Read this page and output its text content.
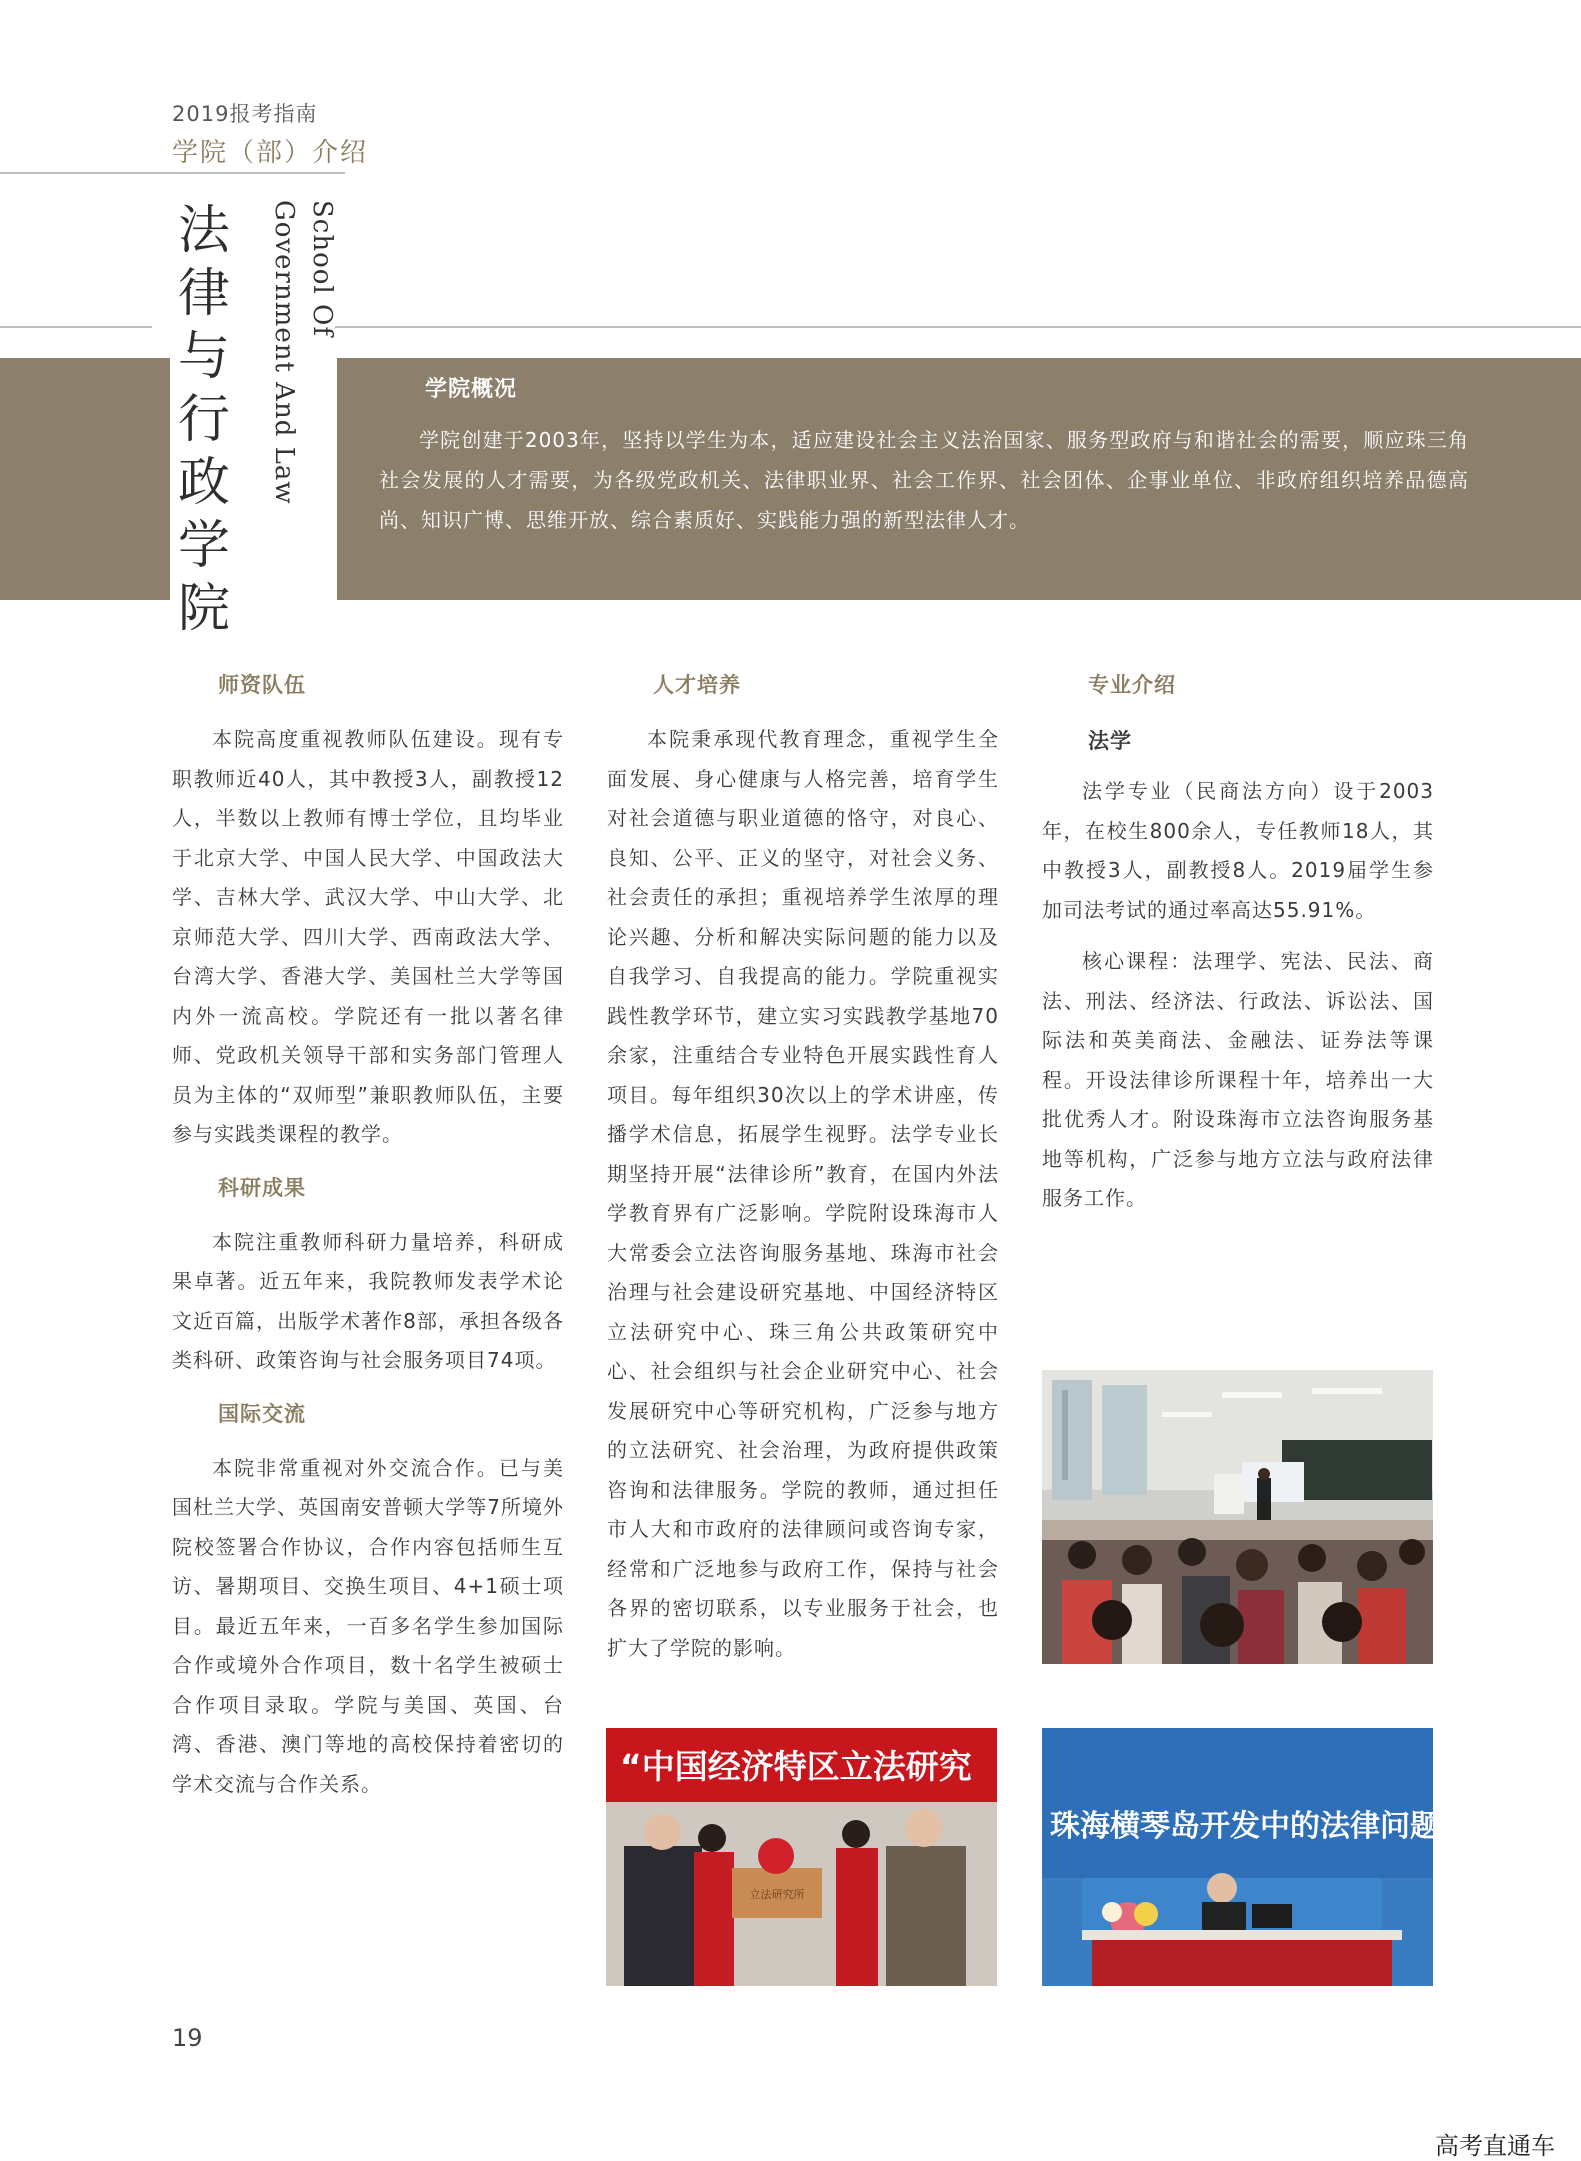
2019报考指南
学院（部）介绍
法律与行政学院
School Of
Government And Law	学院概况

学院创建于2003年，坚持以学生为本，适应建设社会主义法治国家、服务型政府与和谐社会的需要，顺应珠三角社会发展的人才需要，为各级党政机关、法律职业界、社会工作界、社会团体、企事业单位、非政府组织培养品德高尚、知识广博、思维开放、综合素质好、实践能力强的新型法律人才。

师资队伍

本院高度重视教师队伍建设。现有专职教师近40人，其中教授3人，副教授12人，半数以上教师有博士学位，且均毕业于北京大学、中国人民大学、中国政法大学、吉林大学、武汉大学、中山大学、北京师范大学、四川大学、西南政法大学、台湾大学、香港大学、美国杜兰大学等国内外一流高校。学院还有一批以著名律师、党政机关领导干部和实务部门管理人员为主体的“双师型”兼职教师队伍，主要参与实践类课程的教学。

科研成果

本院注重教师科研力量培养，科研成果卓著。近五年来，我院教师发表学术论文近百篇，出版学术著作8部，承担各级各类科研、政策咨询与社会服务项目74项。

国际交流

本院非常重视对外交流合作。已与美国杜兰大学、英国南安普顿大学等7所境外院校签署合作协议，合作内容包括师生互访、暑期项目、交换生项目、4+1硕士项目。最近五年来，一百多名学生参加国际合作或境外合作项目，数十名学生被硕士合作项目录取。学院与美国、英国、台湾、香港、澳门等地的高校保持着密切的学术交流与合作关系。

人才培养

本院秉承现代教育理念，重视学生全面发展、身心健康与人格完善，培育学生对社会道德与职业道德的恪守，对良心、良知、公平、正义的坚守，对社会义务、社会责任的承担；重视培养学生浓厚的理论兴趣、分析和解决实际问题的能力以及自我学习、自我提高的能力。学院重视实践性教学环节，建立实习实践教学基地70余家，注重结合专业特色开展实践性育人项目。每年组织30次以上的学术讲座，传播学术信息，拓展学生视野。法学专业长期坚持开展“法律诊所”教育，在国内外法学教育界有广泛影响。学院附设珠海市人大常委会立法咨询服务基地、珠海市社会治理与社会建设研究基地、中国经济特区立法研究中心、珠三角公共政策研究中心、社会组织与社会企业研究中心、社会发展研究中心等研究机构，广泛参与地方的立法研究、社会治理，为政府提供政策咨询和法律服务。学院的教师，通过担任市人大和市政府的法律顾问或咨询专家，经常和广泛地参与政府工作，保持与社会各界的密切联系，以专业服务于社会，也扩大了学院的影响。

专业介绍
法学

法学专业（民商法方向）设于2003年，在校生800余人，专任教师18人，其中教授3人，副教授8人。2019届学生参加司法考试的通过率高达55.91%。

核心课程：法理学、宪法、民法、商法、刑法、经济法、行政法、诉讼法、国际法和英美商法、金融法、证券法等课程。开设法律诊所课程十年，培养出一大批优秀人才。附设珠海市立法咨询服务基地等机构，广泛参与地方立法与政府法律服务工作。

“中国经济特区立法研究
立法研究所
珠海横琴岛开发中的法律问题研讨会
19
高考直通车
